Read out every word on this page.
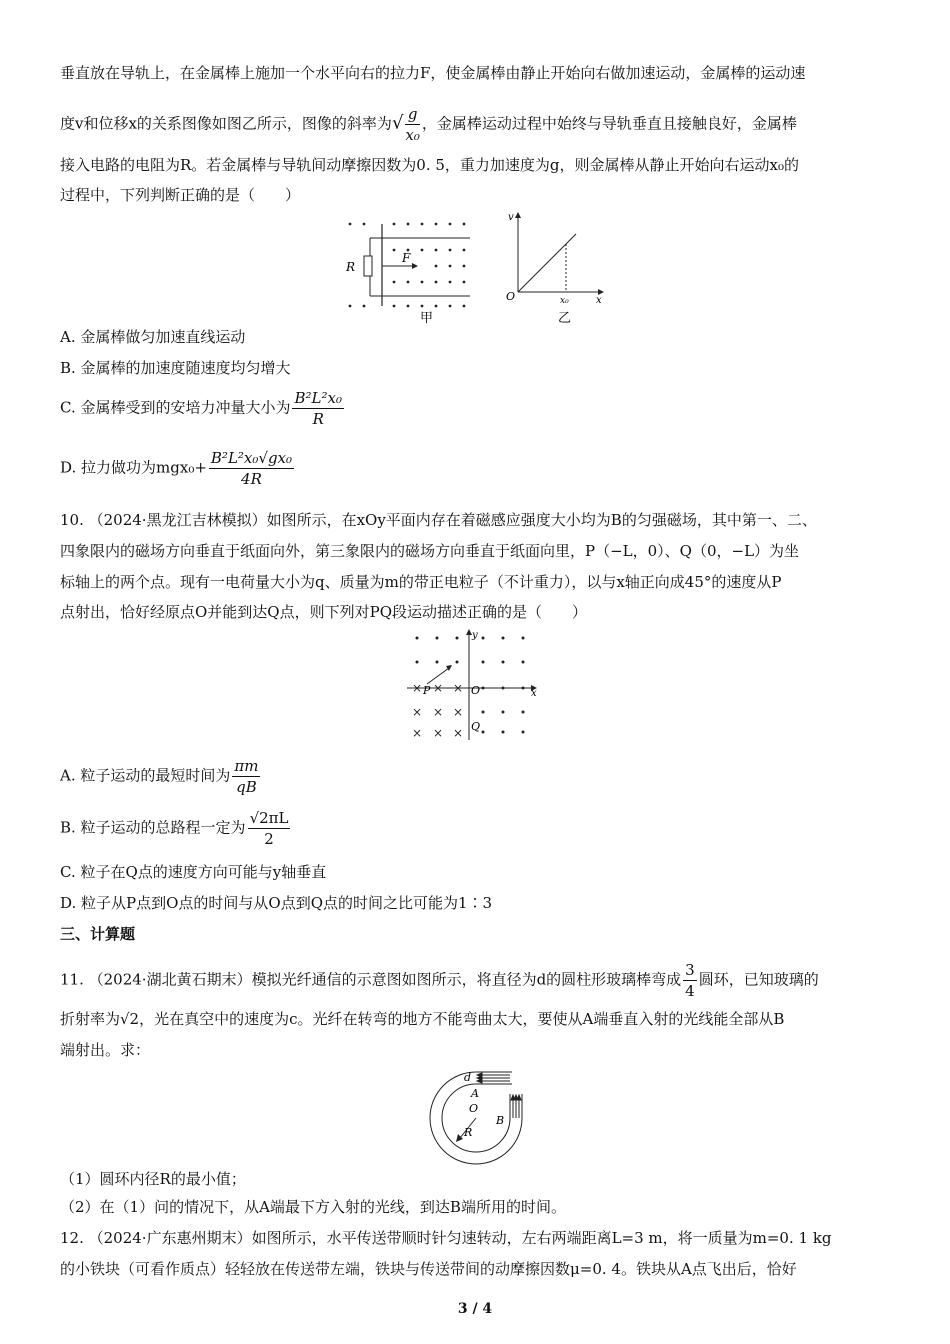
垂直放在导轨上，在金属棒上施加一个水平向右的拉力F，使金属棒由静止开始向右做加速运动，金属棒的运动速
度v和位移x的关系图像如图乙所示，图像的斜率为√ $\frac{g}{\text{x₀}}$ ，金属棒运动过程中始终与导轨垂直且接触良好，金属棒
接入电路的电阻为R。若金属棒与导轨间动摩擦因数为0. 5，重力加速度为g，则金属棒从静止开始向右运动x₀的
过程中，下列判断正确的是（　　）
R
F
甲
v
O	x₀	x
乙
A. 金属棒做匀加速直线运动
B. 金属棒的加速度随速度均匀增大
C. 金属棒受到的安培力冲量大小为 $\frac{\text{B²L²x₀}}{R}$
D. 拉力做功为$mgx_0+ \frac{\text{B²L²x₀√gx₀}}{4R}$
10. （2024·黑龙江吉林模拟）如图所示，在xOy平面内存在着磁感应强度大小均为B的匀强磁场，其中第一、二、
四象限内的磁场方向垂直于纸面向外，第三象限内的磁场方向垂直于纸面向里，P（−L，0）、Q（0，−L）为坐
标轴上的两个点。现有一电荷量大小为q、质量为m的带正电粒子（不计重力），以与x轴正向成45°的速度从P
点射出，恰好经原点O并能到达Q点，则下列对PQ段运动描述正确的是（　　）
y
x
× × ×
× × ×
× × ×
P	O
Q
A. 粒子运动的最短时间为 $\frac{\pi m}{qB}$
B. 粒子运动的总路程一定为 $\frac{√2\pi L}{2}$
C. 粒子在Q点的速度方向可能与y轴垂直
D. 粒子从P点到O点的时间与从O点到Q点的时间之比可能为1∶3
三、计算题
11. （2024·湖北黄石期末）模拟光纤通信的示意图如图所示，将直径为d的圆柱形玻璃棒弯成 $\frac{3}{4}$ 圆环，已知玻璃的
折射率为√2，光在真空中的速度为c。光纤在转弯的地方不能弯曲太大，要使从A端垂直入射的光线能全部从B
端射出。求：
d
A
O
R
B
（1）圆环内径R的最小值；
（2）在（1）问的情况下，从A端最下方入射的光线，到达B端所用的时间。
12. （2024·广东惠州期末）如图所示，水平传送带顺时针匀速转动，左右两端距离L=3 m，将一质量为m=0. 1 kg
的小铁块（可看作质点）轻轻放在传送带左端，铁块与传送带间的动摩擦因数μ=0. 4。铁块从A点飞出后，恰好
3 / 4
